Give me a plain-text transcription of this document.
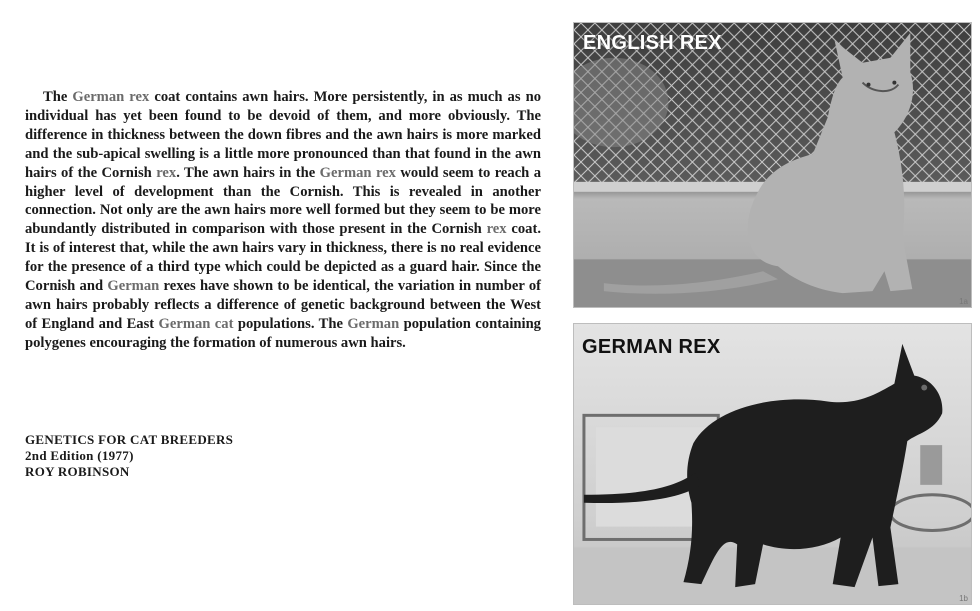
The German rex coat contains awn hairs. More persistently, in as much as no individual has yet been found to be devoid of them, and more obviously. The difference in thickness between the down fibres and the awn hairs is more marked and the sub-apical swelling is a little more pronounced than that found in the awn hairs of the Cornish rex. The awn hairs in the German rex would seem to reach a higher level of development than the Cornish. This is revealed in another connection. Not only are the awn hairs more well formed but they seem to be more abundantly distributed in comparison with those present in the Cornish rex coat. It is of interest that, while the awn hairs vary in thickness, there is no real evidence for the presence of a third type which could be depicted as a guard hair. Since the Cornish and German rexes have shown to be identical, the variation in number of awn hairs probably reflects a difference of genetic background between the West of England and East German cat populations. The German population containing polygenes encouraging the formation of numerous awn hairs.

GENETICS FOR CAT BREEDERS
2nd Edition (1977)
ROY ROBINSON
ENGLISH REX
1a
GERMAN REX
1b
